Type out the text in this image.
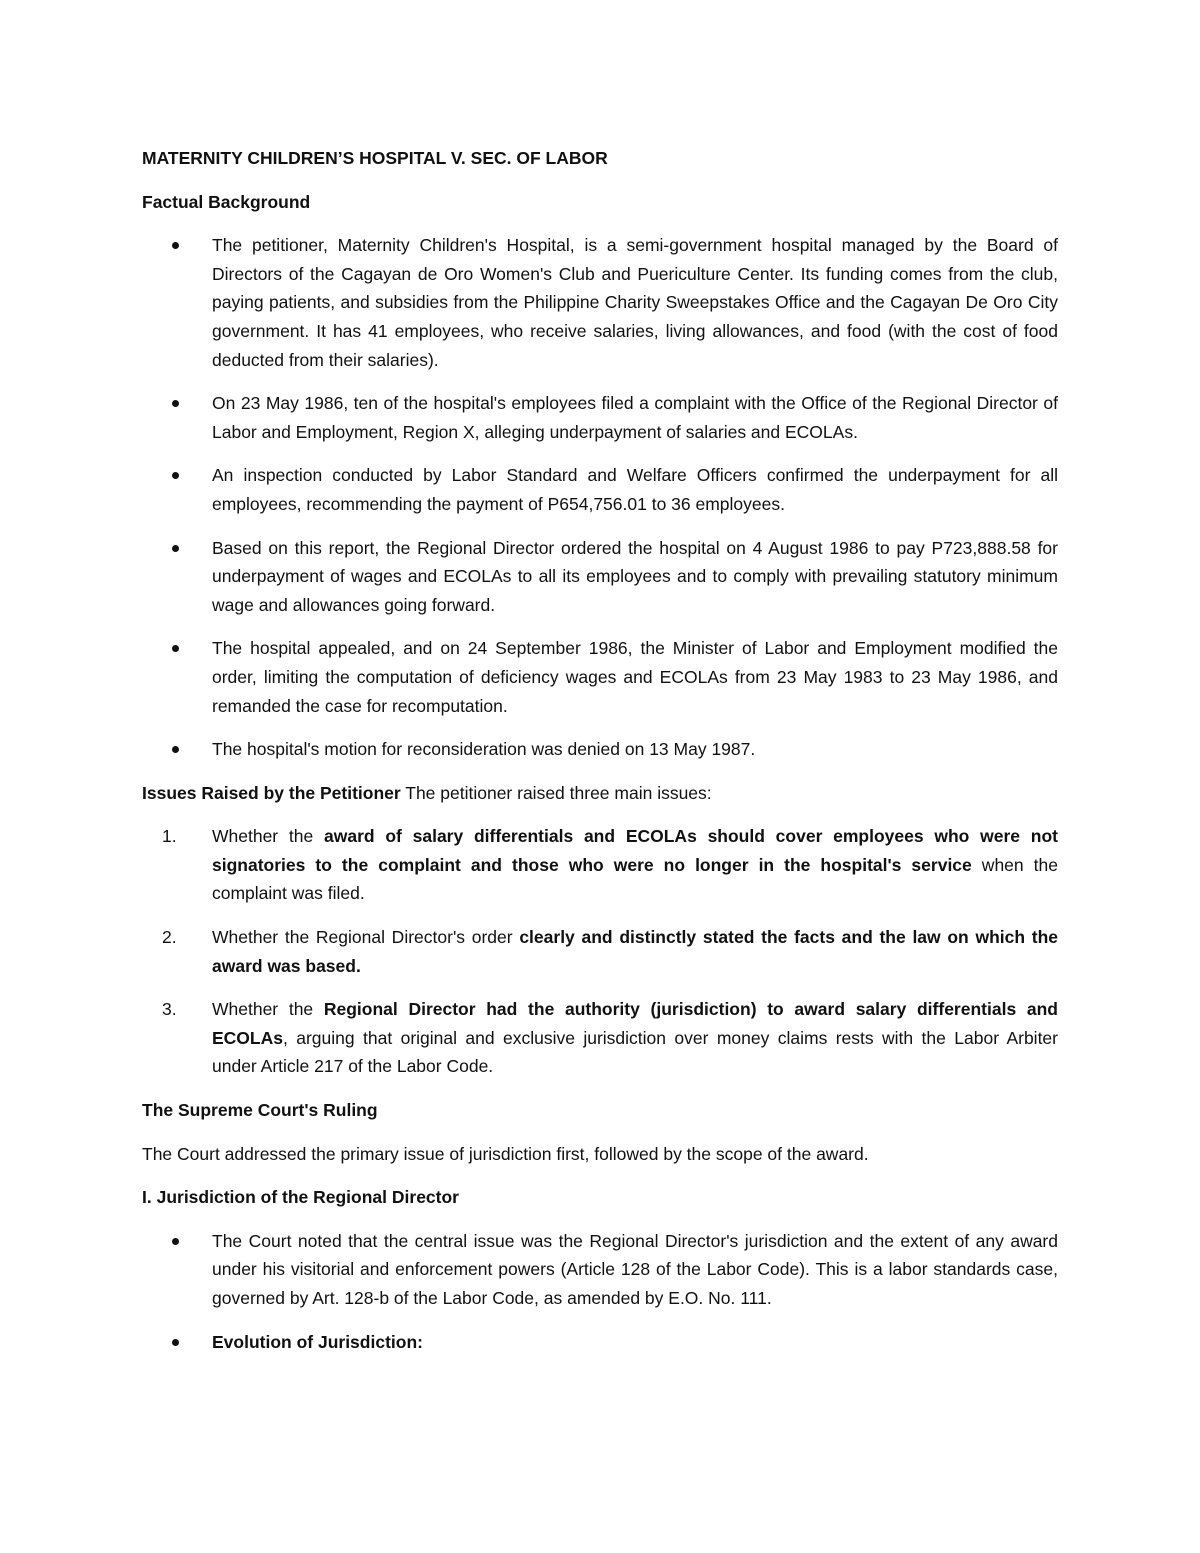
MATERNITY CHILDREN’S HOSPITAL V. SEC. OF LABOR

Factual Background

The petitioner, Maternity Children's Hospital, is a semi-government hospital managed by the Board of Directors of the Cagayan de Oro Women's Club and Puericulture Center. Its funding comes from the club, paying patients, and subsidies from the Philippine Charity Sweepstakes Office and the Cagayan De Oro City government. It has 41 employees, who receive salaries, living allowances, and food (with the cost of food deducted from their salaries).
On 23 May 1986, ten of the hospital's employees filed a complaint with the Office of the Regional Director of Labor and Employment, Region X, alleging underpayment of salaries and ECOLAs.
An inspection conducted by Labor Standard and Welfare Officers confirmed the underpayment for all employees, recommending the payment of P654,756.01 to 36 employees.
Based on this report, the Regional Director ordered the hospital on 4 August 1986 to pay P723,888.58 for underpayment of wages and ECOLAs to all its employees and to comply with prevailing statutory minimum wage and allowances going forward.
The hospital appealed, and on 24 September 1986, the Minister of Labor and Employment modified the order, limiting the computation of deficiency wages and ECOLAs from 23 May 1983 to 23 May 1986, and remanded the case for recomputation.
The hospital's motion for reconsideration was denied on 13 May 1987.

Issues Raised by the Petitioner The petitioner raised three main issues:

1. Whether the award of salary differentials and ECOLAs should cover employees who were not signatories to the complaint and those who were no longer in the hospital's service when the complaint was filed.
2. Whether the Regional Director's order clearly and distinctly stated the facts and the law on which the award was based.
3. Whether the Regional Director had the authority (jurisdiction) to award salary differentials and ECOLAs, arguing that original and exclusive jurisdiction over money claims rests with the Labor Arbiter under Article 217 of the Labor Code.

The Supreme Court's Ruling

The Court addressed the primary issue of jurisdiction first, followed by the scope of the award.

I. Jurisdiction of the Regional Director

The Court noted that the central issue was the Regional Director's jurisdiction and the extent of any award under his visitorial and enforcement powers (Article 128 of the Labor Code). This is a labor standards case, governed by Art. 128-b of the Labor Code, as amended by E.O. No. 111.
Evolution of Jurisdiction:
